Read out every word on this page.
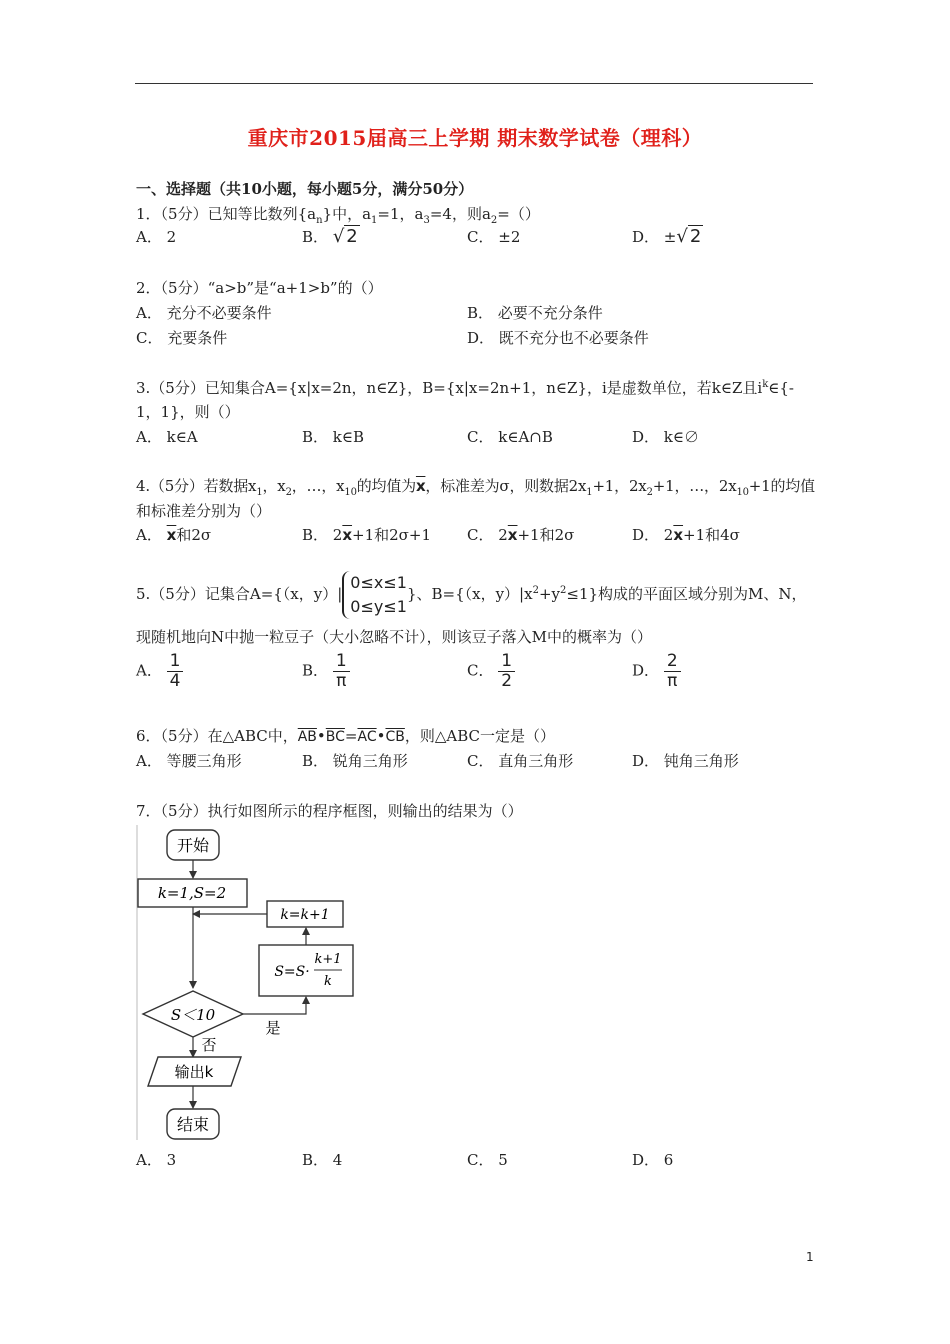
重庆市2015届高三上学期 期末数学试卷（理科）
一、选择题（共10小题，每小题5分，满分50分）
1．（5分）已知等比数列$\{a_n\}$中，$a_1=1$，$a_3=4$，则$a_2=()$
A． 2	B． √ 2	C． ±2	D． ±√ 2
2．（5分）“a>b”是“a+1>b”的（）
A． 充分不必要条件	B． 必要不充分条件
C． 充要条件	D． 既不充分也不必要条件
3.（5分）已知集合A={x|x=2n，n∈Z}，B={x|x=2n+1，n∈Z}，i是虚数单位，若k∈Z且$i^k\in\{-$
1，1}，则（）
A． k∈A	B． k∈B	C． k∈A∩B	D． k∈∅
4.（5分）若数据$x_1$，$x_2$，…，$x_{10}$的均值为$\overline{x}$，标准差为σ，则数据$2x_1+1$，$2x_2+1$，…，$2x_{10}+1$的均值
和标准差分别为（）
A． $\overline{x}$和2σ	B． $2\overline{x}+1$和2σ+1 C． $2\overline{x}+1$和2σ	D． $2\overline{x}+1$和4σ
5.（5分）记集合A={（x，y）|0≤x≤1
0≤y≤1}、B={（x，$y)|x^2+y^2\le 1$}构成的平面区域分别为M、N，
现随机地向N中抛一粒豆子（大小忽略不计），则该豆子落入M中的概率为（）
A． $\frac{1}{4}$	B． $\frac{1}{\pi}$	C． $\frac{1}{2}$	D． $\frac{2}{\pi}$
6．（5分）在△ABC中，$\overline{AB}•\overline{BC}=\overline{AC}•\overline{CB}$，则△ABC一定是（）
A． 等腰三角形	B． 锐角三角形	C． 直角三角形	D． 钝角三角形
7．（5分）执行如图所示的程序框图，则输出的结果为（）
开始
k=1,S=2
k=k+1
S=S·
k+1
k
S＜10
是
否
输出k
结束
A． 3	B． 4	C． 5	D． 6
1
